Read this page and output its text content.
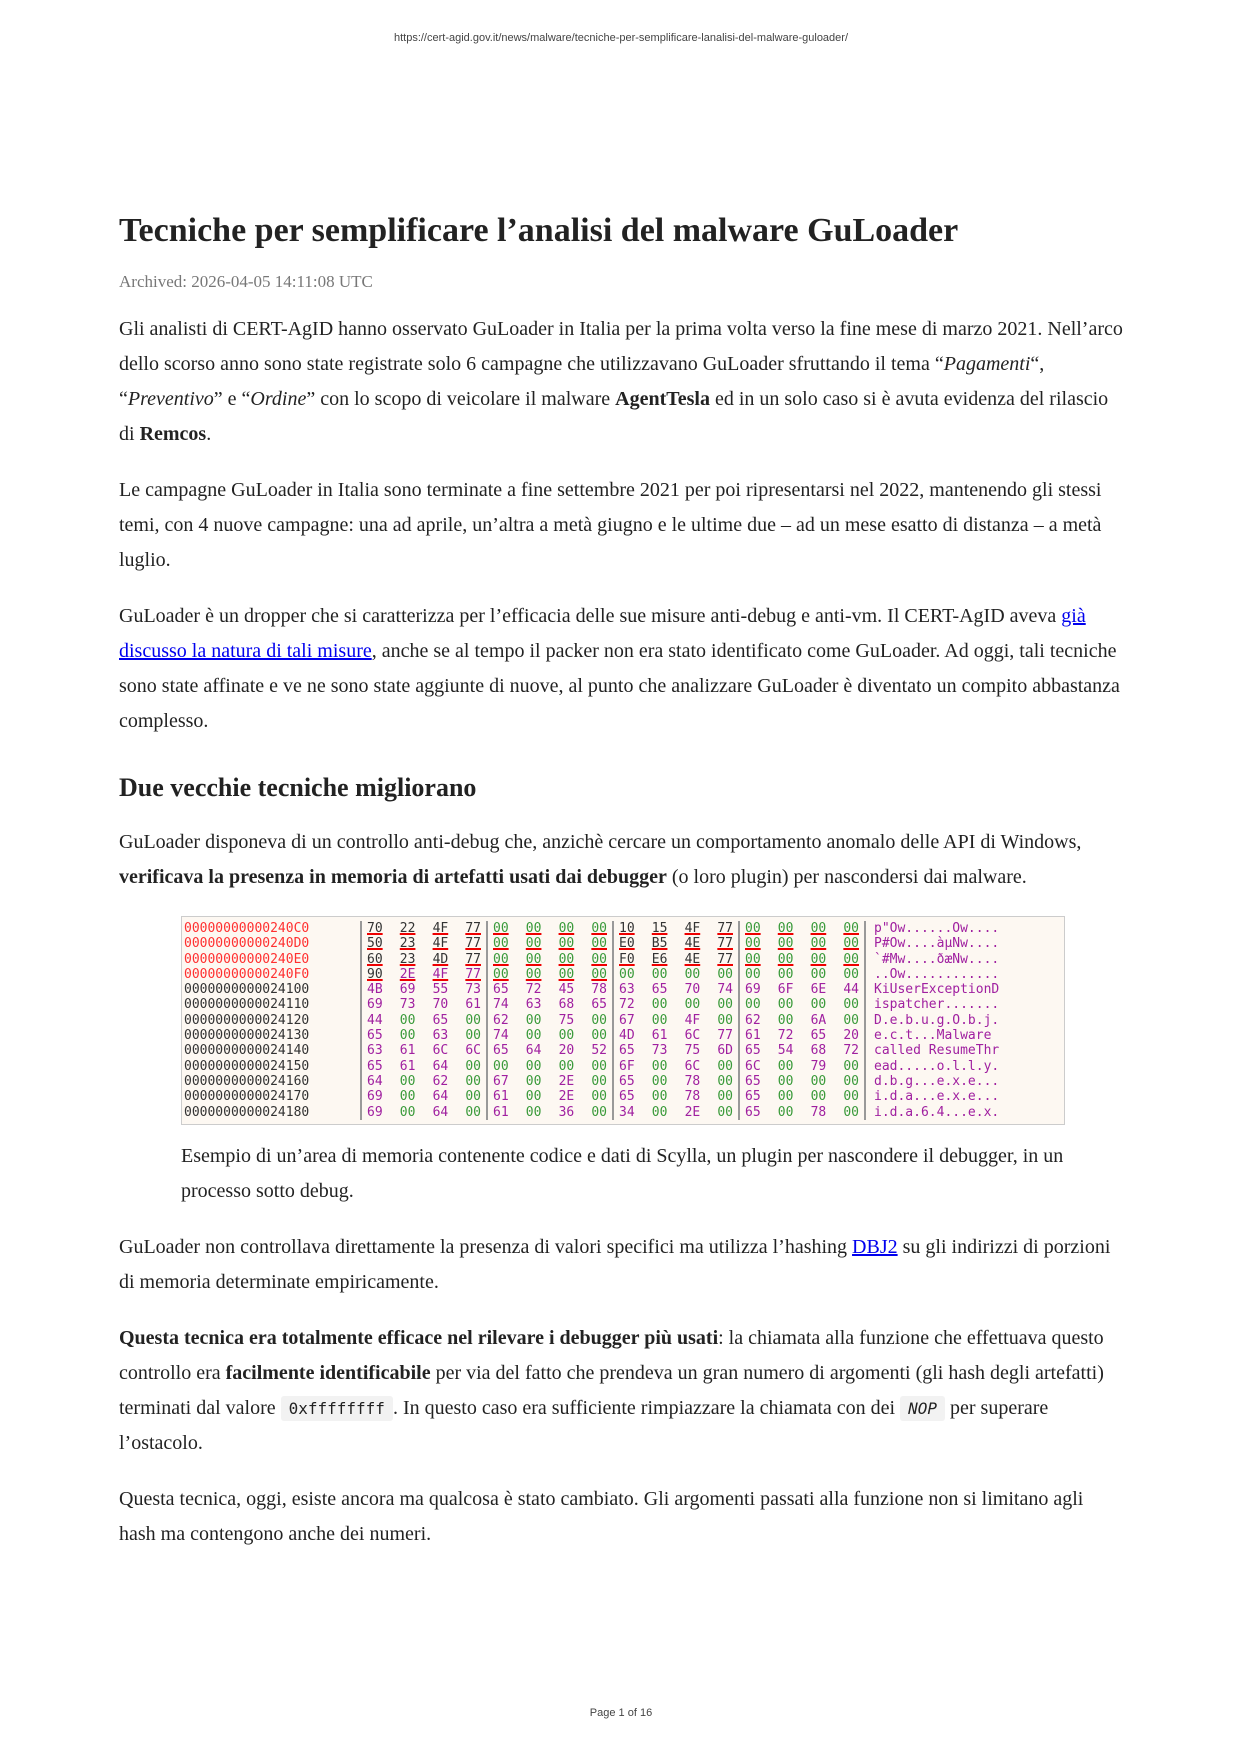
https://cert-agid.gov.it/news/malware/tecniche-per-semplificare-lanalisi-del-malware-guloader/
Tecniche per semplificare l’analisi del malware GuLoader
Archived: 2026-04-05 14:11:08 UTC

Gli analisti di CERT-AgID hanno osservato GuLoader in Italia per la prima volta verso la fine mese di marzo 2021. Nell’arco dello scorso anno sono state registrate solo 6 campagne che utilizzavano GuLoader sfruttando il tema “Pagamenti“, “Preventivo” e “Ordine” con lo scopo di veicolare il malware AgentTesla ed in un solo caso si è avuta evidenza del rilascio di Remcos.

Le campagne GuLoader in Italia sono terminate a fine settembre 2021 per poi ripresentarsi nel 2022, mantenendo gli stessi temi, con 4 nuove campagne: una ad aprile, un’altra a metà giugno e le ultime due – ad un mese esatto di distanza – a metà luglio.

GuLoader è un dropper che si caratterizza per l’efficacia delle sue misure anti-debug e anti-vm. Il CERT-AgID aveva già discusso la natura di tali misure, anche se al tempo il packer non era stato identificato come GuLoader. Ad oggi, tali tecniche sono state affinate e ve ne sono state aggiunte di nuove, al punto che analizzare GuLoader è diventato un compito abbastanza complesso.

Due vecchie tecniche migliorano

GuLoader disponeva di un controllo anti-debug che, anzichè cercare un comportamento anomalo delle API di Windows, verificava la presenza in memoria di artefatti usati dai debugger (o loro plugin) per nascondersi dai malware.

00000000000240C0	70 22 4F 77 00 00 00 00 10 15 4F 77 00 00 00 00	p"Ow......Ow....
00000000000240D0	50 23 4F 77 00 00 00 00 E0 B5 4E 77 00 00 00 00	P#Ow....àµNw....
00000000000240E0	60 23 4D 77 00 00 00 00 F0 E6 4E 77 00 00 00 00	`#Mw....ðæNw....
00000000000240F0	90 2E 4F 77 00 00 00 00 00 00 00 00 00 00 00 00	..Ow............
0000000000024100	4B 69 55 73 65 72 45 78 63 65 70 74 69 6F 6E 44	KiUserExceptionD
0000000000024110	69 73 70 61 74 63 68 65 72 00 00 00 00 00 00 00	ispatcher.......
0000000000024120	44 00 65 00 62 00 75 00 67 00 4F 00 62 00 6A 00	D.e.b.u.g.O.b.j.
0000000000024130	65 00 63 00 74 00 00 00 4D 61 6C 77 61 72 65 20	e.c.t...Malware
0000000000024140	63 61 6C 6C 65 64 20 52 65 73 75 6D 65 54 68 72	called ResumeThr
0000000000024150	65 61 64 00 00 00 00 00 6F 00 6C 00 6C 00 79 00	ead.....o.l.l.y.
0000000000024160	64 00 62 00 67 00 2E 00 65 00 78 00 65 00 00 00	d.b.g...e.x.e...
0000000000024170	69 00 64 00 61 00 2E 00 65 00 78 00 65 00 00 00	i.d.a...e.x.e...
0000000000024180	69 00 64 00 61 00 36 00 34 00 2E 00 65 00 78 00	i.d.a.6.4...e.x.
Esempio di un’area di memoria contenente codice e dati di Scylla, un plugin per nascondere il debugger, in un processo sotto debug.

GuLoader non controllava direttamente la presenza di valori specifici ma utilizza l’hashing DBJ2 su gli indirizzi di porzioni di memoria determinate empiricamente.

Questa tecnica era totalmente efficace nel rilevare i debugger più usati: la chiamata alla funzione che effettuava questo controllo era facilmente identificabile per via del fatto che prendeva un gran numero di argomenti (gli hash degli artefatti) terminati dal valore 0xffffffff . In questo caso era sufficiente rimpiazzare la chiamata con dei NOP per superare l’ostacolo.

Questa tecnica, oggi, esiste ancora ma qualcosa è stato cambiato. Gli argomenti passati alla funzione non si limitano agli hash ma contengono anche dei numeri.

Page 1 of 16
